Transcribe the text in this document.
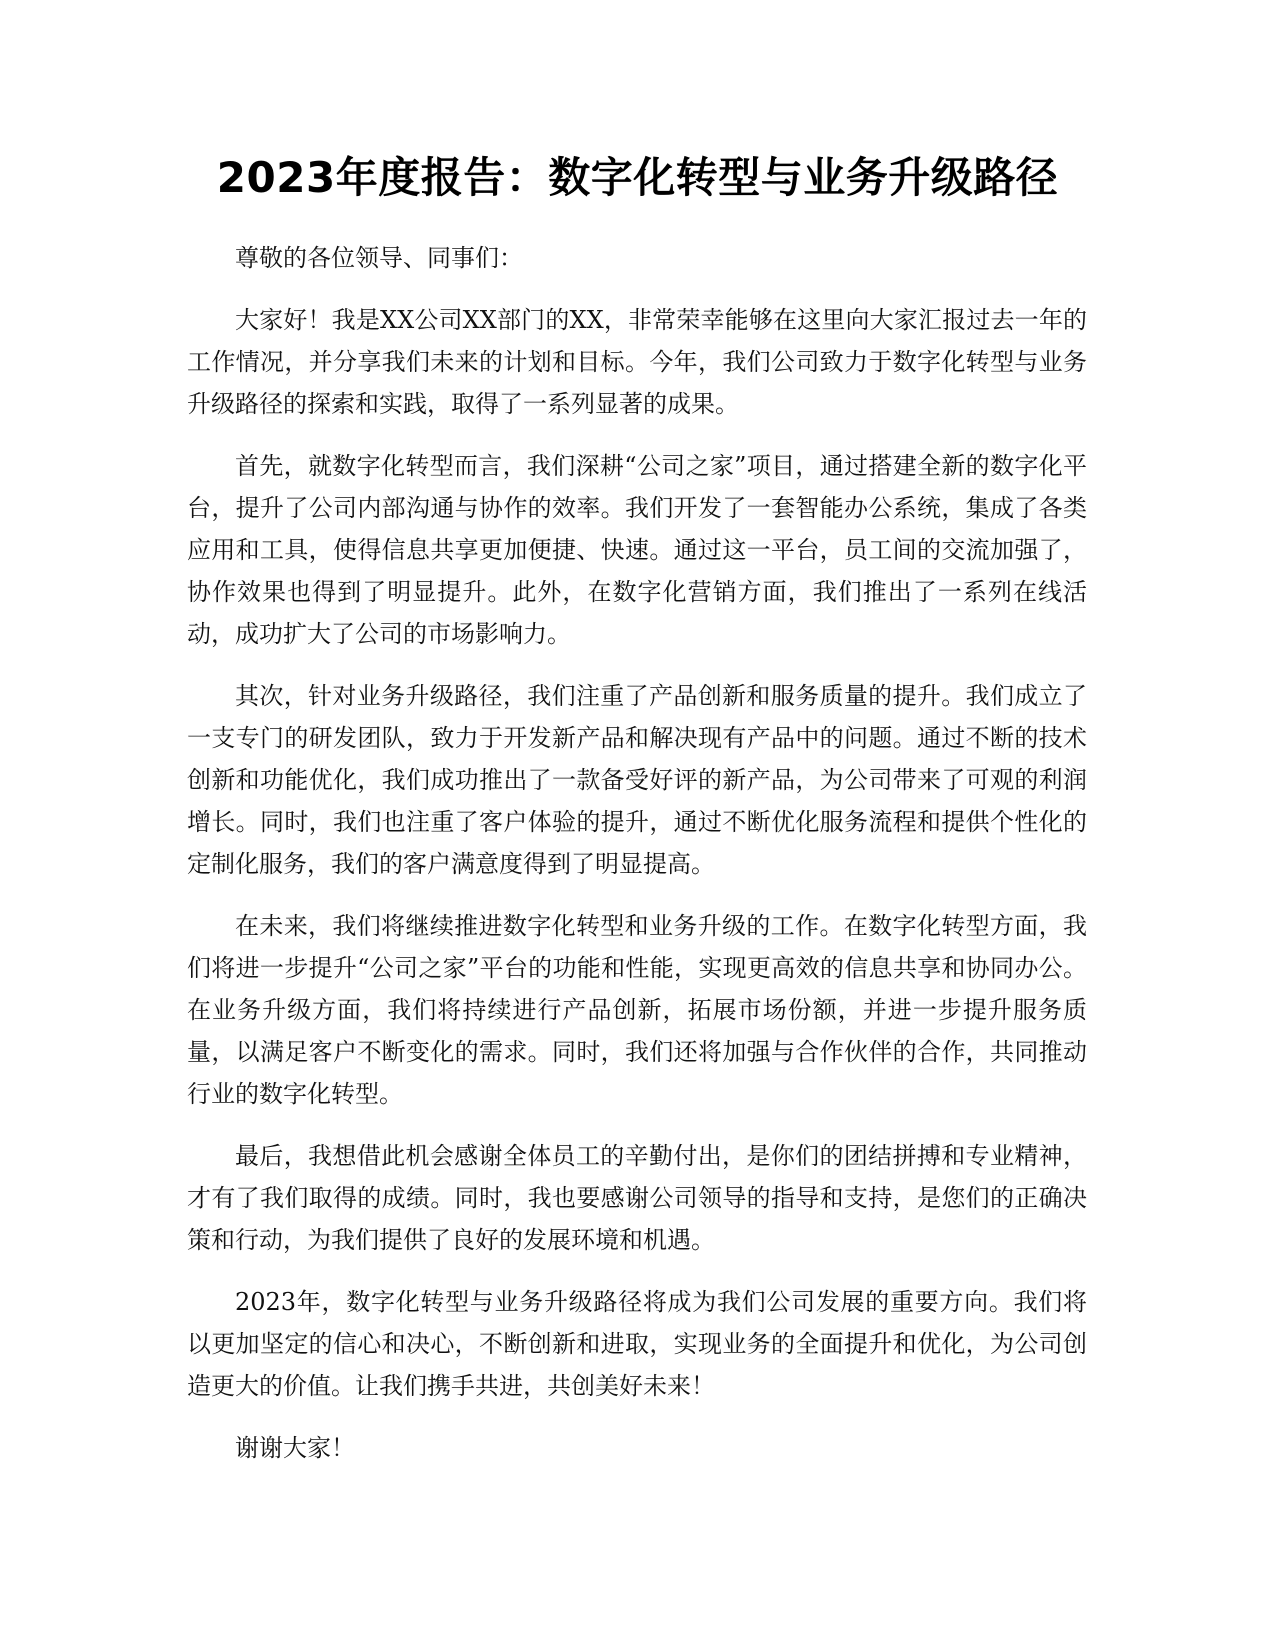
2023年度报告：数字化转型与业务升级路径

尊敬的各位领导、同事们：

大家好！我是XX公司XX部门的XX，非常荣幸能够在这里向大家汇报过去一年的工作情况，并分享我们未来的计划和目标。今年，我们公司致力于数字化转型与业务升级路径的探索和实践，取得了一系列显著的成果。

首先，就数字化转型而言，我们深耕“公司之家”项目，通过搭建全新的数字化平台，提升了公司内部沟通与协作的效率。我们开发了一套智能办公系统，集成了各类应用和工具，使得信息共享更加便捷、快速。通过这一平台，员工间的交流加强了，协作效果也得到了明显提升。此外，在数字化营销方面，我们推出了一系列在线活动，成功扩大了公司的市场影响力。

其次，针对业务升级路径，我们注重了产品创新和服务质量的提升。我们成立了一支专门的研发团队，致力于开发新产品和解决现有产品中的问题。通过不断的技术创新和功能优化，我们成功推出了一款备受好评的新产品，为公司带来了可观的利润增长。同时，我们也注重了客户体验的提升，通过不断优化服务流程和提供个性化的定制化服务，我们的客户满意度得到了明显提高。

在未来，我们将继续推进数字化转型和业务升级的工作。在数字化转型方面，我们将进一步提升“公司之家”平台的功能和性能，实现更高效的信息共享和协同办公。在业务升级方面，我们将持续进行产品创新，拓展市场份额，并进一步提升服务质量，以满足客户不断变化的需求。同时，我们还将加强与合作伙伴的合作，共同推动行业的数字化转型。

最后，我想借此机会感谢全体员工的辛勤付出，是你们的团结拼搏和专业精神，才有了我们取得的成绩。同时，我也要感谢公司领导的指导和支持，是您们的正确决策和行动，为我们提供了良好的发展环境和机遇。

2023年，数字化转型与业务升级路径将成为我们公司发展的重要方向。我们将以更加坚定的信心和决心，不断创新和进取，实现业务的全面提升和优化，为公司创造更大的价值。让我们携手共进，共创美好未来！

谢谢大家！
